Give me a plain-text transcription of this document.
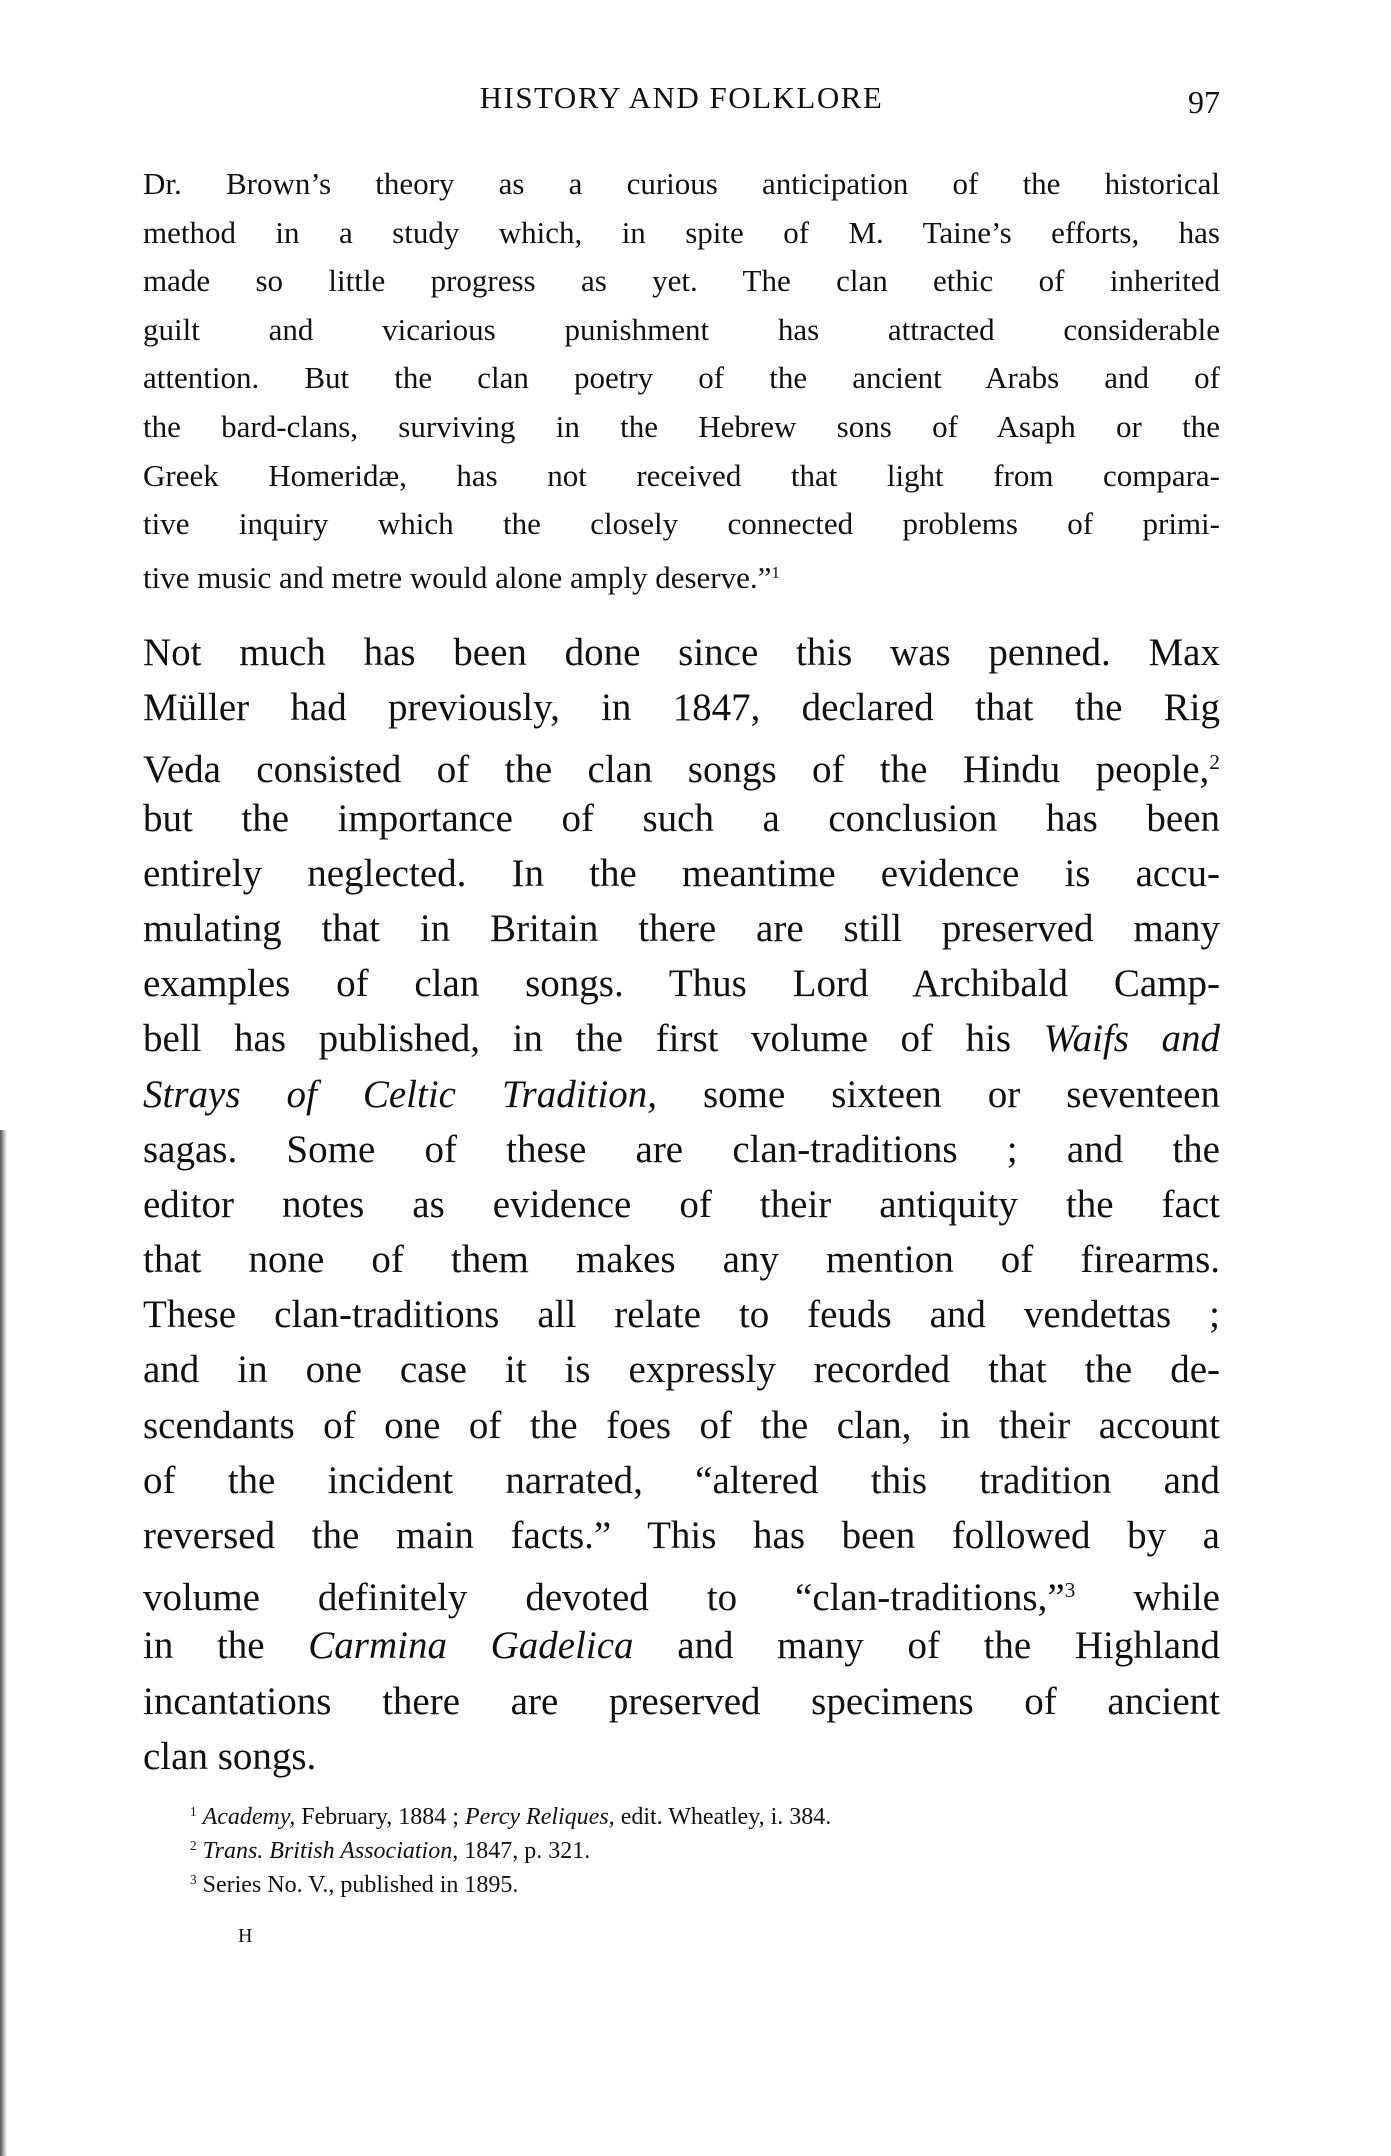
HISTORY AND FOLKLORE	97
Dr. Brown’s theory as a curious anticipation of the historical
method in a study which, in spite of M. Taine’s efforts, has
made so little progress as yet. The clan ethic of inherited
guilt and vicarious punishment has attracted considerable
attention. But the clan poetry of the ancient Arabs and of
the bard-clans, surviving in the Hebrew sons of Asaph or the
Greek Homeridæ, has not received that light from compara-
tive inquiry which the closely connected problems of primi-
tive music and metre would alone amply deserve.”$^1$
Not much has been done since this was penned. Max
Müller had previously, in 1847, declared that the Rig
Veda consisted of the clan songs of the Hindu people,$^2$
but the importance of such a conclusion has been
entirely neglected. In the meantime evidence is accu-
mulating that in Britain there are still preserved many
examples of clan songs. Thus Lord Archibald Camp-
bell has published, in the first volume of his Waifs and
Strays of Celtic Tradition, some sixteen or seventeen
sagas. Some of these are clan-traditions ; and the
editor notes as evidence of their antiquity the fact
that none of them makes any mention of firearms.
These clan-traditions all relate to feuds and vendettas ;
and in one case it is expressly recorded that the de-
scendants of one of the foes of the clan, in their account
of the incident narrated, “altered this tradition and
reversed the main facts.” This has been followed by a
volume definitely devoted to “clan-traditions,”$^3$ while
in the Carmina Gadelica and many of the Highland
incantations there are preserved specimens of ancient
clan songs.
$^1$ Academy, February, 1884 ; Percy Reliques, edit. Wheatley, i. 384.
$^2$ Trans. British Association, 1847, p. 321.
$^3$ Series No. V., published in 1895.
H
